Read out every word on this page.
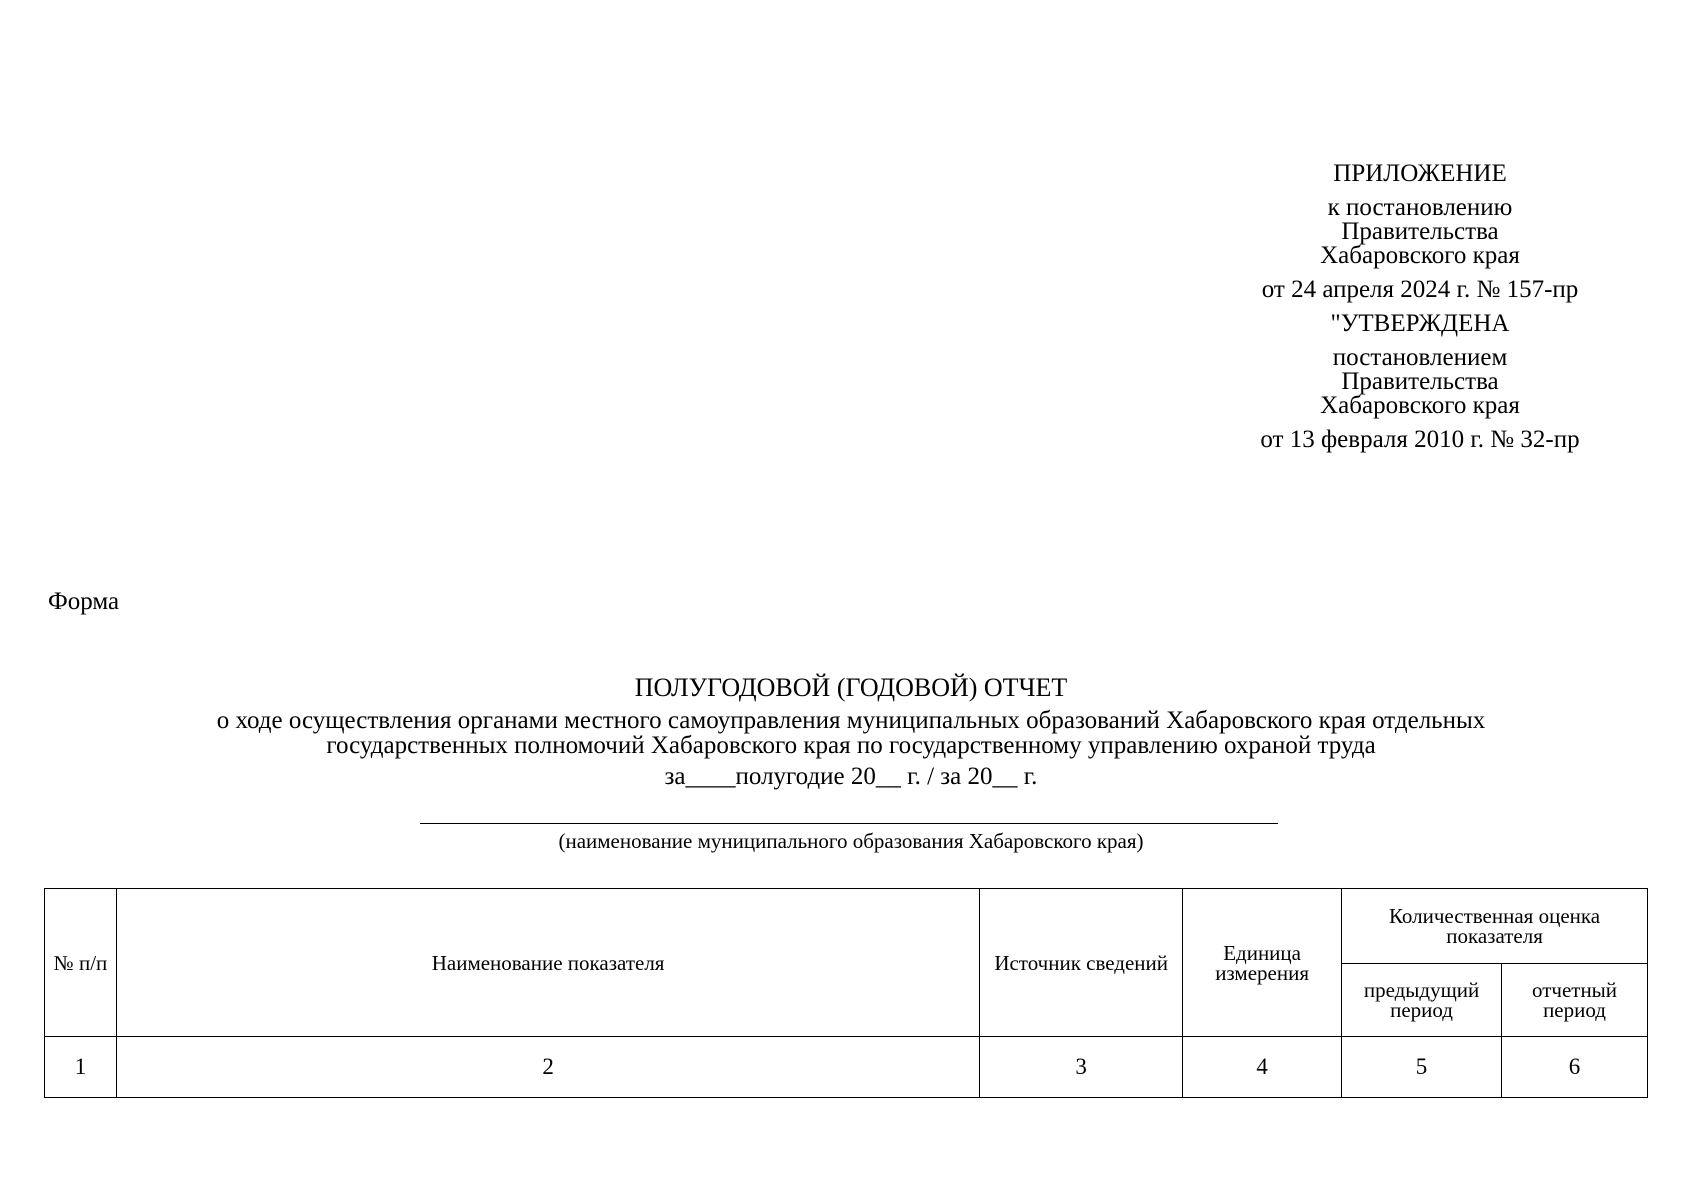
ПРИЛОЖЕНИЕ
к постановлению
Правительства
Хабаровского края
от 24 апреля 2024 г. № 157-пр
"УТВЕРЖДЕНА
постановлением
Правительства
Хабаровского края
от 13 февраля 2010 г. № 32-пр
Форма
ПОЛУГОДОВОЙ (ГОДОВОЙ) ОТЧЕТ
о ходе осуществления органами местного самоуправления муниципальных образований Хабаровского края отдельных
государственных полномочий Хабаровского края по государственному управлению охраной труда
за____полугодие 20__ г. / за 20__ г.
(наименование муниципального образования Хабаровского края)
№ п/п	Наименование показателя	Источник сведений	Единица измерения	Количественная оценка показателя	
				предыдущий период	отчетный период
1	2	3	4	5	6
